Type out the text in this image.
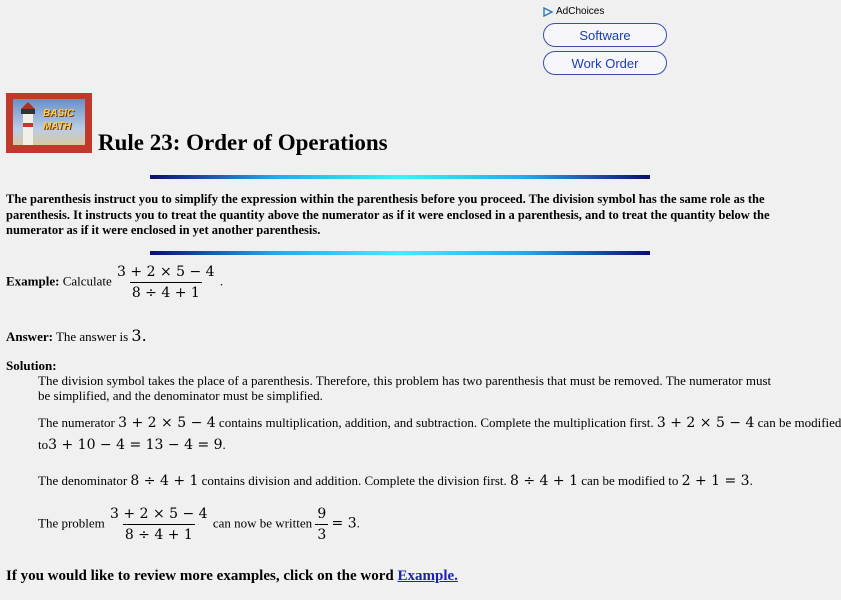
AdChoices
Software
Work Order
BASIC
MATH
Rule 23: Order of Operations
The parenthesis instruct you to simplify the expression within the parenthesis before you proceed. The division symbol has the same role as the parenthesis. It instructs you to treat the quantity above the numerator as if it were enclosed in a parenthesis, and to treat the quantity below the numerator as if it were enclosed in yet another parenthesis.
Example: Calculate $\frac{3 + 2 \times 5 - 4}{8 \div 4 + 1}$ .
Answer: The answer is 3.
Solution:
The division symbol takes the place of a parenthesis. Therefore, this problem has two parenthesis that must be removed. The numerator must be simplified, and the denominator must be simplified.
The numerator 3 + 2 × 5 − 4 contains multiplication, addition, and subtraction. Complete the multiplication first. 3 + 2 × 5 − 4 can be modified
to3 + 10 − 4 = 13 − 4 = 9.
The denominator 8 ÷ 4 + 1 contains division and addition. Complete the division first. 8 ÷ 4 + 1 can be modified to 2 + 1 = 3.
The problem $\frac{3 + 2 \times 5 - 4}{8 \div 4 + 1}$ can now be written $\frac{9}{3} = 3$.
If you would like to review more examples, click on the word Example.
